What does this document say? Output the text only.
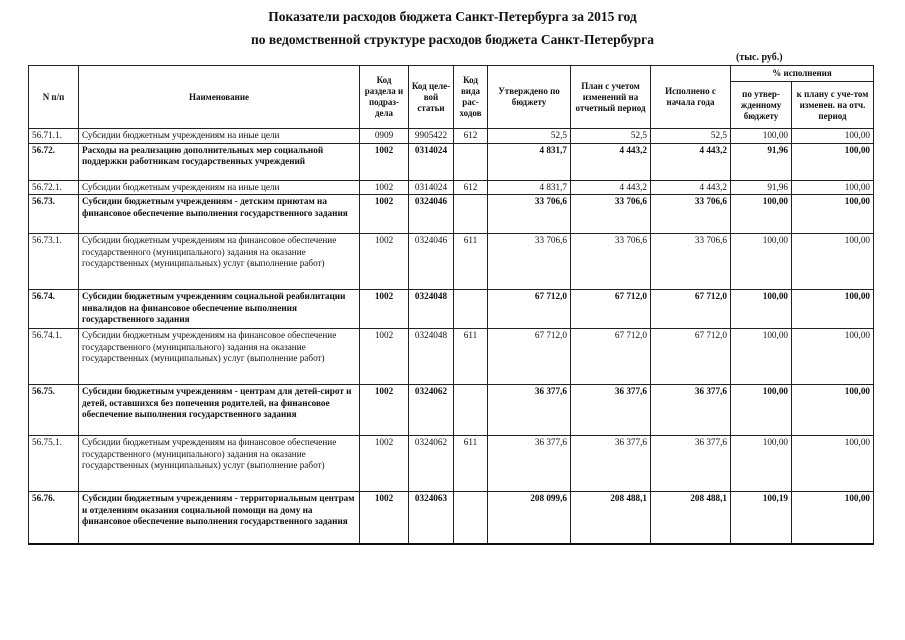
Показатели расходов бюджета Санкт-Петербурга за 2015 год
по ведомственной структуре расходов бюджета Санкт-Петербурга
(тыс. руб.)
N п/п	Наименование	Код раздела и подраз-дела	Код целе-вой статьи	Код вида рас-ходов	Утверждено по бюджету	План с учетом изменений на отчетный период	Исполнено с начала года	% исполнения	
								по утвер-жденному бюджету	к плану с уче-том изменен. на отч. период
56.71.1.	Субсидии бюджетным учреждениям на иные цели	0909	9905422	612	52,5	52,5	52,5	100,00	100,00
56.72.	Расходы на реализацию дополнительных мер социальной поддержки работникам государственных учреждений	1002	0314024		4 831,7	4 443,2	4 443,2	91,96	100,00
56.72.1.	Субсидии бюджетным учреждениям на иные цели	1002	0314024	612	4 831,7	4 443,2	4 443,2	91,96	100,00
56.73.	Субсидии бюджетным учреждениям - детским приютам на финансовое обеспечение выполнения государственного задания	1002	0324046		33 706,6	33 706,6	33 706,6	100,00	100,00
56.73.1.	Субсидии бюджетным учреждениям на финансовое обеспечение государственного (муниципального) задания на оказание государственных (муниципальных) услуг (выполнение работ)	1002	0324046	611	33 706,6	33 706,6	33 706,6	100,00	100,00
56.74.	Субсидии бюджетным учреждениям социальной реабилитации инвалидов на финансовое обеспечение выполнения государственного задания	1002	0324048		67 712,0	67 712,0	67 712,0	100,00	100,00
56.74.1.	Субсидии бюджетным учреждениям на финансовое обеспечение государственного (муниципального) задания на оказание государственных (муниципальных) услуг (выполнение работ)	1002	0324048	611	67 712,0	67 712,0	67 712,0	100,00	100,00
56.75.	Субсидии бюджетным учреждениям - центрам для детей-сирот и детей, оставшихся без попечения родителей, на финансовое обеспечение выполнения государственного задания	1002	0324062		36 377,6	36 377,6	36 377,6	100,00	100,00
56.75.1.	Субсидии бюджетным учреждениям на финансовое обеспечение государственного (муниципального) задания на оказание государственных (муниципальных) услуг (выполнение работ)	1002	0324062	611	36 377,6	36 377,6	36 377,6	100,00	100,00
56.76.	Субсидии бюджетным учреждениям - территориальным центрам и отделениям оказания социальной помощи на дому на финансовое обеспечение выполнения государственного задания	1002	0324063		208 099,6	208 488,1	208 488,1	100,19	100,00
